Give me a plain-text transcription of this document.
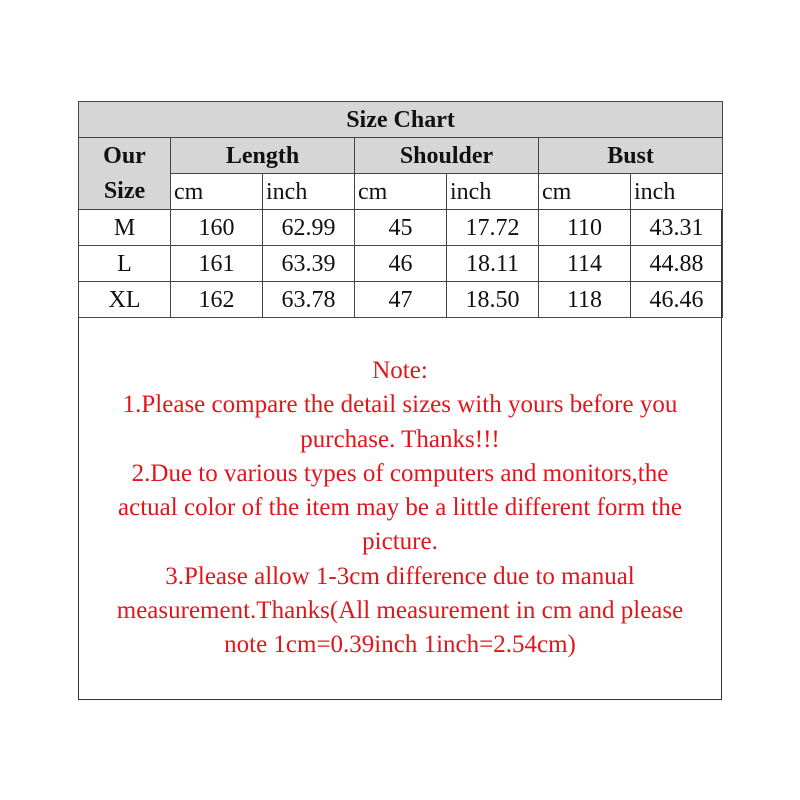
Size Chart						

Our
Size	Length		Shoulder		Bust	
	cm	inch	cm	inch	cm	inch
M	160	62.99	45	17.72	110	43.31
L	161	63.39	46	18.11	114	44.88
XL	162	63.78	47	18.50	118	46.46
Note:
1.Please compare the detail sizes with yours before you
purchase. Thanks!!!
2.Due to various types of computers and monitors,the
actual color of the item may be a little different form the
picture.
3.Please allow 1-3cm difference due to manual
measurement.Thanks(All measurement in cm and please
note 1cm=0.39inch 1inch=2.54cm)
